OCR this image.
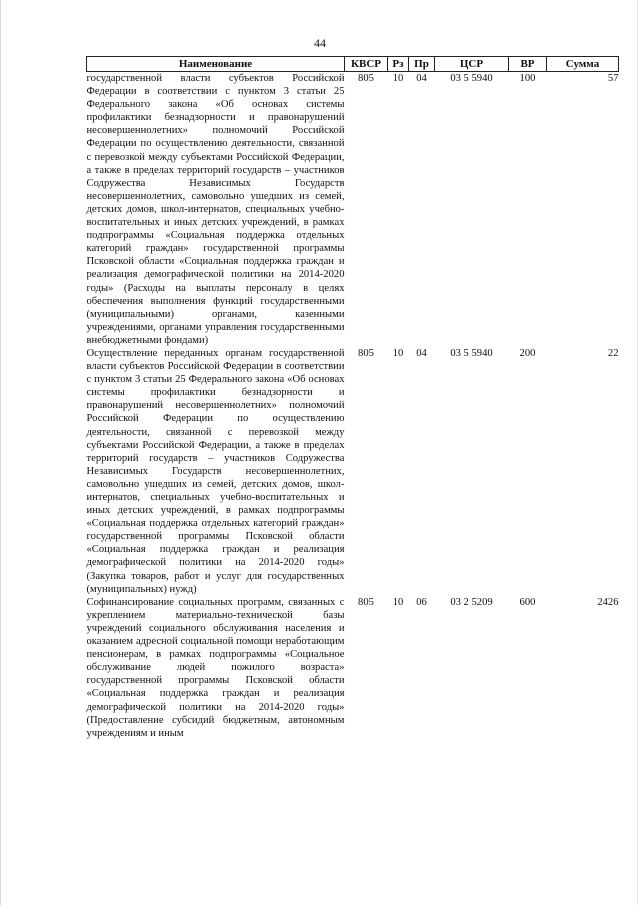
44
Наименование	КВСР	Рз	Пр	ЦСР	ВР	Сумма

государственной власти субъектов Российской Федерации в соответствии с пунктом 3 статьи 25 Федерального закона «Об основах системы профилактики безнадзорности и правонарушений несовершеннолетних» полномочий Российской Федерации по осуществлению деятельности, связанной с перевозкой между субъектами Российской Федерации, а также в пределах территорий государств – участников Содружества Независимых Государств несовершеннолетних, самовольно ушедших из семей, детских домов, школ-интернатов, специальных учебно-воспитательных и иных детских учреждений, в рамках подпрограммы «Социальная поддержка отдельных категорий граждан» государственной программы Псковской области «Социальная поддержка граждан и реализация демографической политики на 2014-2020 годы» (Расходы на выплаты персоналу в целях обеспечения выполнения функций государственными (муниципальными) органами, казенными учреждениями, органами управления государственными внебюджетными фондами)	805	10	04	03 5 5940	100	57

Осуществление переданных органам государственной власти субъектов Российской Федерации в соответствии с пунктом 3 статьи 25 Федерального закона «Об основах системы профилактики безнадзорности и правонарушений несовершеннолетних» полномочий Российской Федерации по осуществлению деятельности, связанной с перевозкой между субъектами Российской Федерации, а также в пределах территорий государств – участников Содружества Независимых Государств несовершеннолетних, самовольно ушедших из семей, детских домов, школ-интернатов, специальных учебно-воспитательных и иных детских учреждений, в рамках подпрограммы «Социальная поддержка отдельных категорий граждан» государственной программы Псковской области «Социальная поддержка граждан и реализация демографической политики на 2014-2020 годы» (Закупка товаров, работ и услуг для государственных (муниципальных) нужд)	805	10	04	03 5 5940	200	22

Софинансирование социальных программ, связанных с укреплением материально-технической базы учреждений социального обслуживания населения и оказанием адресной социальной помощи неработающим пенсионерам, в рамках подпрограммы «Социальное обслуживание людей пожилого возраста» государственной программы Псковской области «Социальная поддержка граждан и реализация демографической политики на 2014-2020 годы» (Предоставление субсидий бюджетным, автономным учреждениям и иным	805	10	06	03 2 5209	600	2426
